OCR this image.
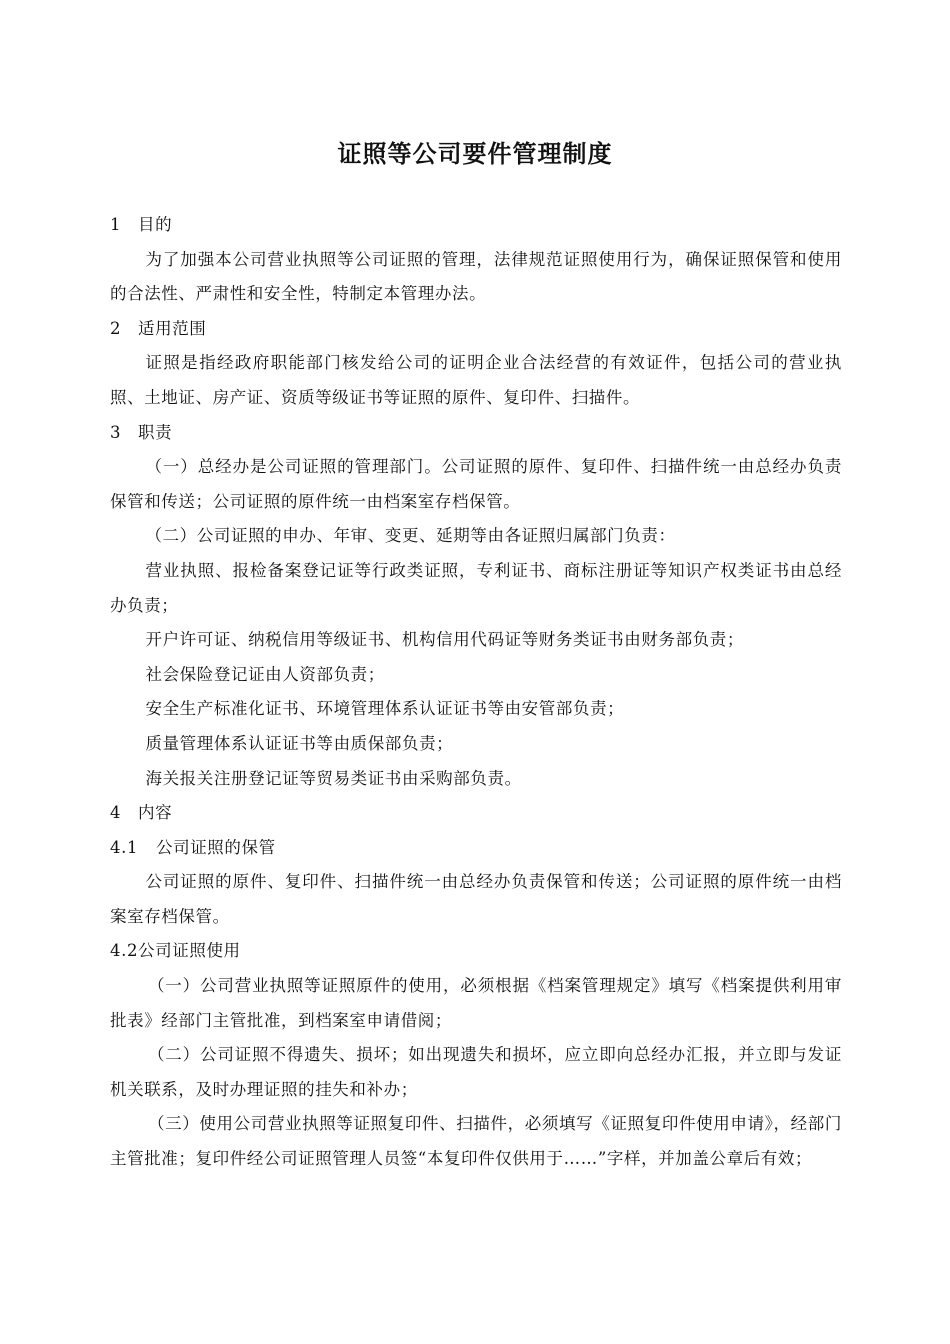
证照等公司要件管理制度

1 目的

为了加强本公司营业执照等公司证照的管理，法律规范证照使用行为，确保证照保管和使用的合法性、严肃性和安全性，特制定本管理办法。

2 适用范围

证照是指经政府职能部门核发给公司的证明企业合法经营的有效证件，包括公司的营业执照、土地证、房产证、资质等级证书等证照的原件、复印件、扫描件。

3 职责

（一）总经办是公司证照的管理部门。公司证照的原件、复印件、扫描件统一由总经办负责保管和传送；公司证照的原件统一由档案室存档保管。

（二）公司证照的申办、年审、变更、延期等由各证照归属部门负责：

营业执照、报检备案登记证等行政类证照，专利证书、商标注册证等知识产权类证书由总经办负责；

开户许可证、纳税信用等级证书、机构信用代码证等财务类证书由财务部负责；

社会保险登记证由人资部负责；

安全生产标准化证书、环境管理体系认证证书等由安管部负责；

质量管理体系认证证书等由质保部负责；

海关报关注册登记证等贸易类证书由采购部负责。

4 内容

4.1 公司证照的保管

公司证照的原件、复印件、扫描件统一由总经办负责保管和传送；公司证照的原件统一由档案室存档保管。

4.2公司证照使用

（一）公司营业执照等证照原件的使用，必须根据《档案管理规定》填写《档案提供利用审批表》经部门主管批准，到档案室申请借阅；

（二）公司证照不得遗失、损坏；如出现遗失和损坏，应立即向总经办汇报，并立即与发证机关联系，及时办理证照的挂失和补办；

（三）使用公司营业执照等证照复印件、扫描件，必须填写《证照复印件使用申请》，经部门主管批准；复印件经公司证照管理人员签“本复印件仅供用于……”字样，并加盖公章后有效；
